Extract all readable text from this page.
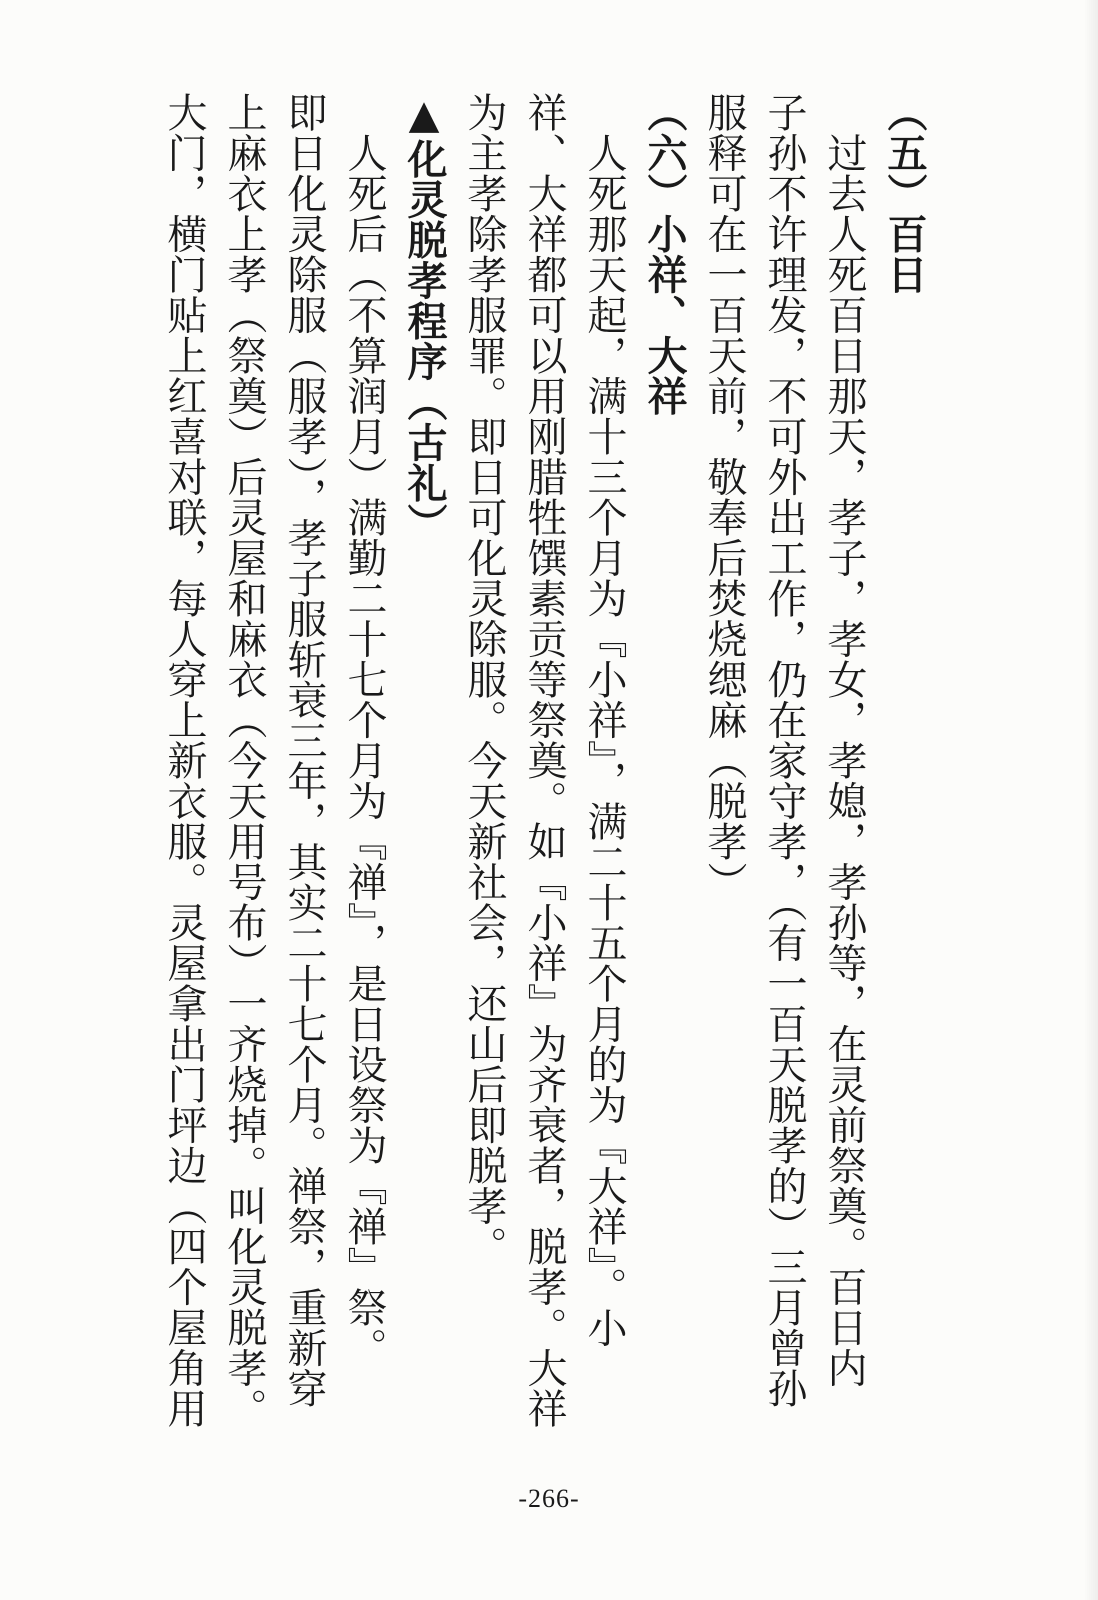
（五）百日
　过去人死百日那天，孝子，孝女，孝媳，孝孙等，在灵前祭奠。百日内
子孙不许理发，不可外出工作，仍在家守孝，（有一百天脱孝的）三月曾孙
服释可在一百天前，敬奉后焚烧缌麻（脱孝）
（六）小祥、大祥
　人死那天起，满十三个月为『小祥』，满二十五个月的为『大祥』。小
祥、大祥都可以用刚腊牲馔素贡等祭奠。如『小祥』为齐衰者，脱孝。大祥
为主孝除孝服罪。即日可化灵除服。今天新社会，还山后即脱孝。
▲化灵脱孝程序（古礼）
　人死后（不算润月）满勤二十七个月为『禅』，是日设祭为『禅』祭。
即日化灵除服（服孝），孝子服斩衰三年，其实二十七个月。禅祭，重新穿
上麻衣上孝（祭奠）后灵屋和麻衣（今天用号布）一齐烧掉。叫化灵脱孝。
大门，横门贴上红喜对联，每人穿上新衣服。灵屋拿出门坪边（四个屋角用
-266-
